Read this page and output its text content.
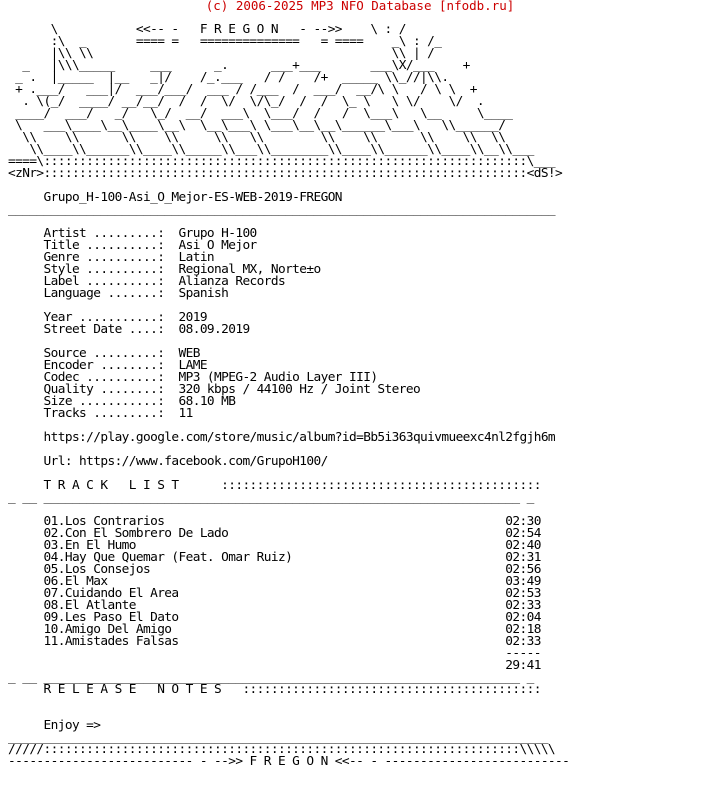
(c) 2006-2025 MP3 NFO Database [nfodb.ru]
\           <<-- -   F R E G O N   - -->>    \ : /
:\  _       ==== =   ==============   = ====    _\ : /_
|\\ \\                                          \\ | /
_   |\\\_____     ___      _.      ___+___       ___\X/___    +
_ .  |_____  |__   _|/    /_.___   / /    /+  _____ \\_//|\\.
+ .___/   ___|/  ___/___/  ___ / /___  /  ___/  __/\ \   / \ \  +
. \(_/  ____/ __/__/  /  /  \/  \/\_/  /  /  \_ \   \ \/    \/  .
____/  ___/   _/   \_/  __/  ___\  \___/  /   /  \___\   \__     \____
\   ___\____\__\____\__\  \__\___\ \___\__\__\______\___\   \\______/
\\    \\      \\    \\     \\   \\        \\    \\      \\    \\  \\
\\____\\______\\____\\_____\\___\\________\\____\\______\\____\\__\\___
====\::::::::::::::::::::::::::::::::::::::::::::::::::::::::::::::::::::\___
<zNr>::::::::::::::::::::::::::::::::::::::::::::::::::::::::::::::::::::<dS!>

Grupo_H-100-Asi_O_Mejor-ES-WEB-2019-FREGON
_____________________________________________________________________________

Artist .........:  Grupo H-100
Title ..........:  Asi O Mejor
Genre ..........:  Latin
Style ..........:  Regional MX, Norte±o
Label ..........:  Alianza Records
Language .......:  Spanish

Year ...........:  2019
Street Date ....:  08.09.2019

Source .........:  WEB
Encoder ........:  LAME
Codec ..........:  MP3 (MPEG-2 Audio Layer III)
Quality ........:  320 kbps / 44100 Hz / Joint Stereo
Size ...........:  68.10 MB
Tracks .........:  11

https://play.google.com/store/music/album?id=Bb5i363quivmueexc4nl2fgjh6m

Url: https://www.facebook.com/GrupoH100/

T R A C K   L I S T      :::::::::::::::::::::::::::::::::::::::::::::
_ __ ___________________________________________________________________ _

01.Los Contrarios                                                02:30
02.Con El Sombrero De Lado                                       02:54
03.En El Humo                                                    02:40
04.Hay Que Quemar (Feat. Omar Ruiz)                              02:31
05.Los Consejos                                                  02:56
06.El Max                                                        03:49
07.Cuidando El Area                                              02:53
08.El Atlante                                                    02:33
09.Les Paso El Dato                                              02:04
10.Amigo Del Amigo                                               02:18
11.Amistades Falsas                                              02:33
-----
29:41
_ __ ___________________________________________________________________ _
R E L E A S E   N O T E S   ::::::::::::::::::::::::::::::::::::::::::

Enjoy =>
____________________________________________________________________________
/////:::::::::::::::::::::::::::::::::::::::::::::::::::::::::::::::::::\\\\\
-------------------------- - -->> F R E G O N <<-- - --------------------------
